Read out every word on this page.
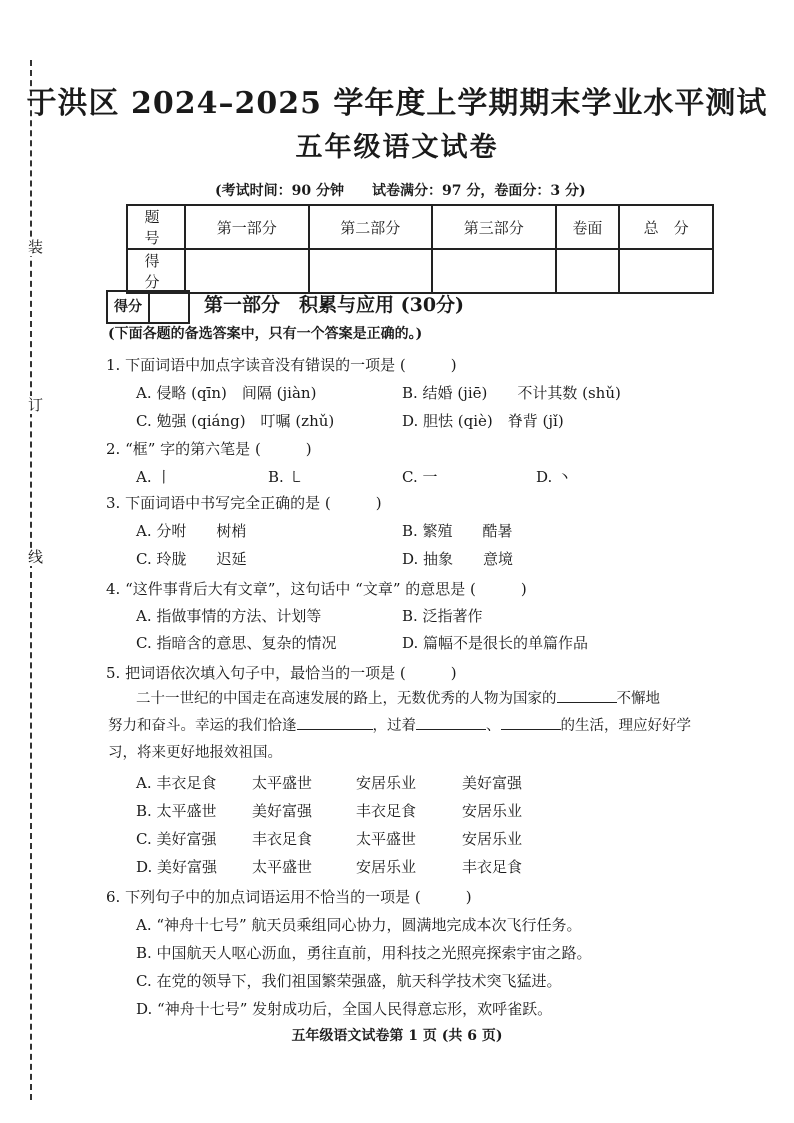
装
订
线
于洪区 2024–2025 学年度上学期期末学业水平测试
五年级语文试卷
(考试时间：90 分钟　　试卷满分：97 分，卷面分：3 分)
题 号	第一部分	第二部分	第三部分	卷面	总　分
得 分					
得分	第一部分　积累与应用 (30分)
(下面各题的备选答案中，只有一个答案是正确的。)
1. 下面词语中加点字读音没有错误的一项是 (　　　)
A. 侵略 (qīn)　间隔 (jiàn)	B. 结婚 (jiē)　　不计其数 (shǔ)
C. 勉强 (qiáng)　叮嘱 (zhǔ)	D. 胆怯 (qiè)　脊背 (jǐ)
2. “框” 字的第六笔是 (　　　)
A. 丨	B. ㇄	C. 一	D. 丶
3. 下面词语中书写完全正确的是 (　　　)
A. 分咐　　树梢	B. 繁殖　　酷暑
C. 玲胧　　迟延	D. 抽象　　意境
4. “这件事背后大有文章”，这句话中 “文章” 的意思是 (　　　)
A. 指做事情的方法、计划等	B. 泛指著作
C. 指暗含的意思、复杂的情况	D. 篇幅不是很长的单篇作品
5. 把词语依次填入句子中，最恰当的一项是 (　　　)
二十一世纪的中国走在高速发展的路上，无数优秀的人物为国家的	不懈地
努力和奋斗。幸运的我们恰逢	，过着	、	的生活，理应好好学
习，将来更好地报效祖国。
A. 丰衣足食 太平盛世	安居乐业	美好富强
B. 太平盛世 美好富强	丰衣足食	安居乐业
C. 美好富强 丰衣足食	太平盛世	安居乐业
D. 美好富强 太平盛世	安居乐业	丰衣足食
6. 下列句子中的加点词语运用不恰当的一项是 (　　　)
A. “神舟十七号” 航天员乘组同心协力，圆满地完成本次飞行任务。
B. 中国航天人呕心沥血，勇往直前，用科技之光照亮探索宇宙之路。
C. 在党的领导下，我们祖国繁荣强盛，航天科学技术突飞猛进。
D. “神舟十七号” 发射成功后，全国人民得意忘形，欢呼雀跃。
五年级语文试卷第 1 页 (共 6 页)
